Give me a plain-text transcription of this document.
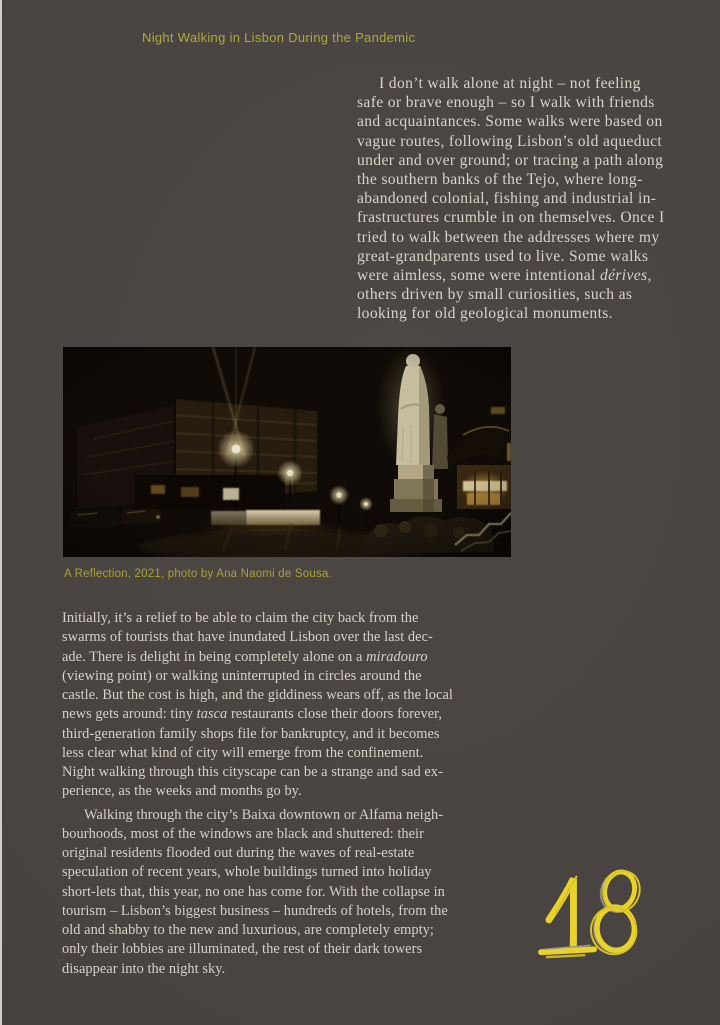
Night Walking in Lisbon During the Pandemic
I don’t walk alone at night – not feeling
safe or brave enough – so I walk with friends
and acquaintances. Some walks were based on
vague routes, following Lisbon’s old aqueduct
under and over ground; or tracing a path along
the southern banks of the Tejo, where long-
abandoned colonial, fishing and industrial in-
frastructures crumble in on themselves. Once I
tried to walk between the addresses where my
great-grandparents used to live. Some walks
were aimless, some were intentional dérives,
others driven by small curiosities, such as
looking for old geological monuments.
A Reflection, 2021, photo by Ana Naomi de Sousa.
Initially, it’s a relief to be able to claim the city back from the
swarms of tourists that have inundated Lisbon over the last dec-
ade. There is delight in being completely alone on a miradouro
(viewing point) or walking uninterrupted in circles around the
castle. But the cost is high, and the giddiness wears off, as the local
news gets around: tiny tasca restaurants close their doors forever,
third-generation family shops file for bankruptcy, and it becomes
less clear what kind of city will emerge from the confinement.
Night walking through this cityscape can be a strange and sad ex-
perience, as the weeks and months go by.
Walking through the city’s Baixa downtown or Alfama neigh-
bourhoods, most of the windows are black and shuttered: their
original residents flooded out during the waves of real-estate
speculation of recent years, whole buildings turned into holiday
short-lets that, this year, no one has come for. With the collapse in
tourism – Lisbon’s biggest business – hundreds of hotels, from the
old and shabby to the new and luxurious, are completely empty;
only their lobbies are illuminated, the rest of their dark towers
disappear into the night sky.
